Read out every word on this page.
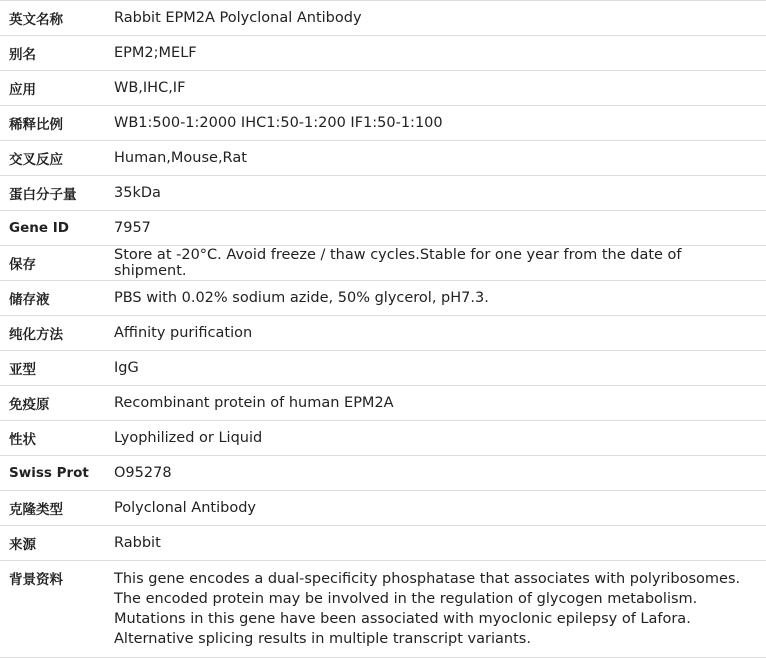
英文名称	Rabbit EPM2A Polyclonal Antibody
别名	EPM2;MELF
应用	WB,IHC,IF
稀释比例	WB1:500-1:2000 IHC1:50-1:200 IF1:50-1:100
交叉反应	Human,Mouse,Rat
蛋白分子量	35kDa
Gene ID	7957
保存	Store at -20°C. Avoid freeze / thaw cycles.Stable for one year from the date of shipment.
储存液	PBS with 0.02% sodium azide, 50% glycerol, pH7.3.
纯化方法	Affinity purification
亚型	IgG
免疫原	Recombinant protein of human EPM2A
性状	Lyophilized or Liquid
Swiss Prot	O95278
克隆类型	Polyclonal Antibody
来源	Rabbit
背景资料	This gene encodes a dual-specificity phosphatase that associates with polyribosomes. The encoded protein may be involved in the regulation of glycogen metabolism. Mutations in this gene have been associated with myoclonic epilepsy of Lafora. Alternative splicing results in multiple transcript variants.
